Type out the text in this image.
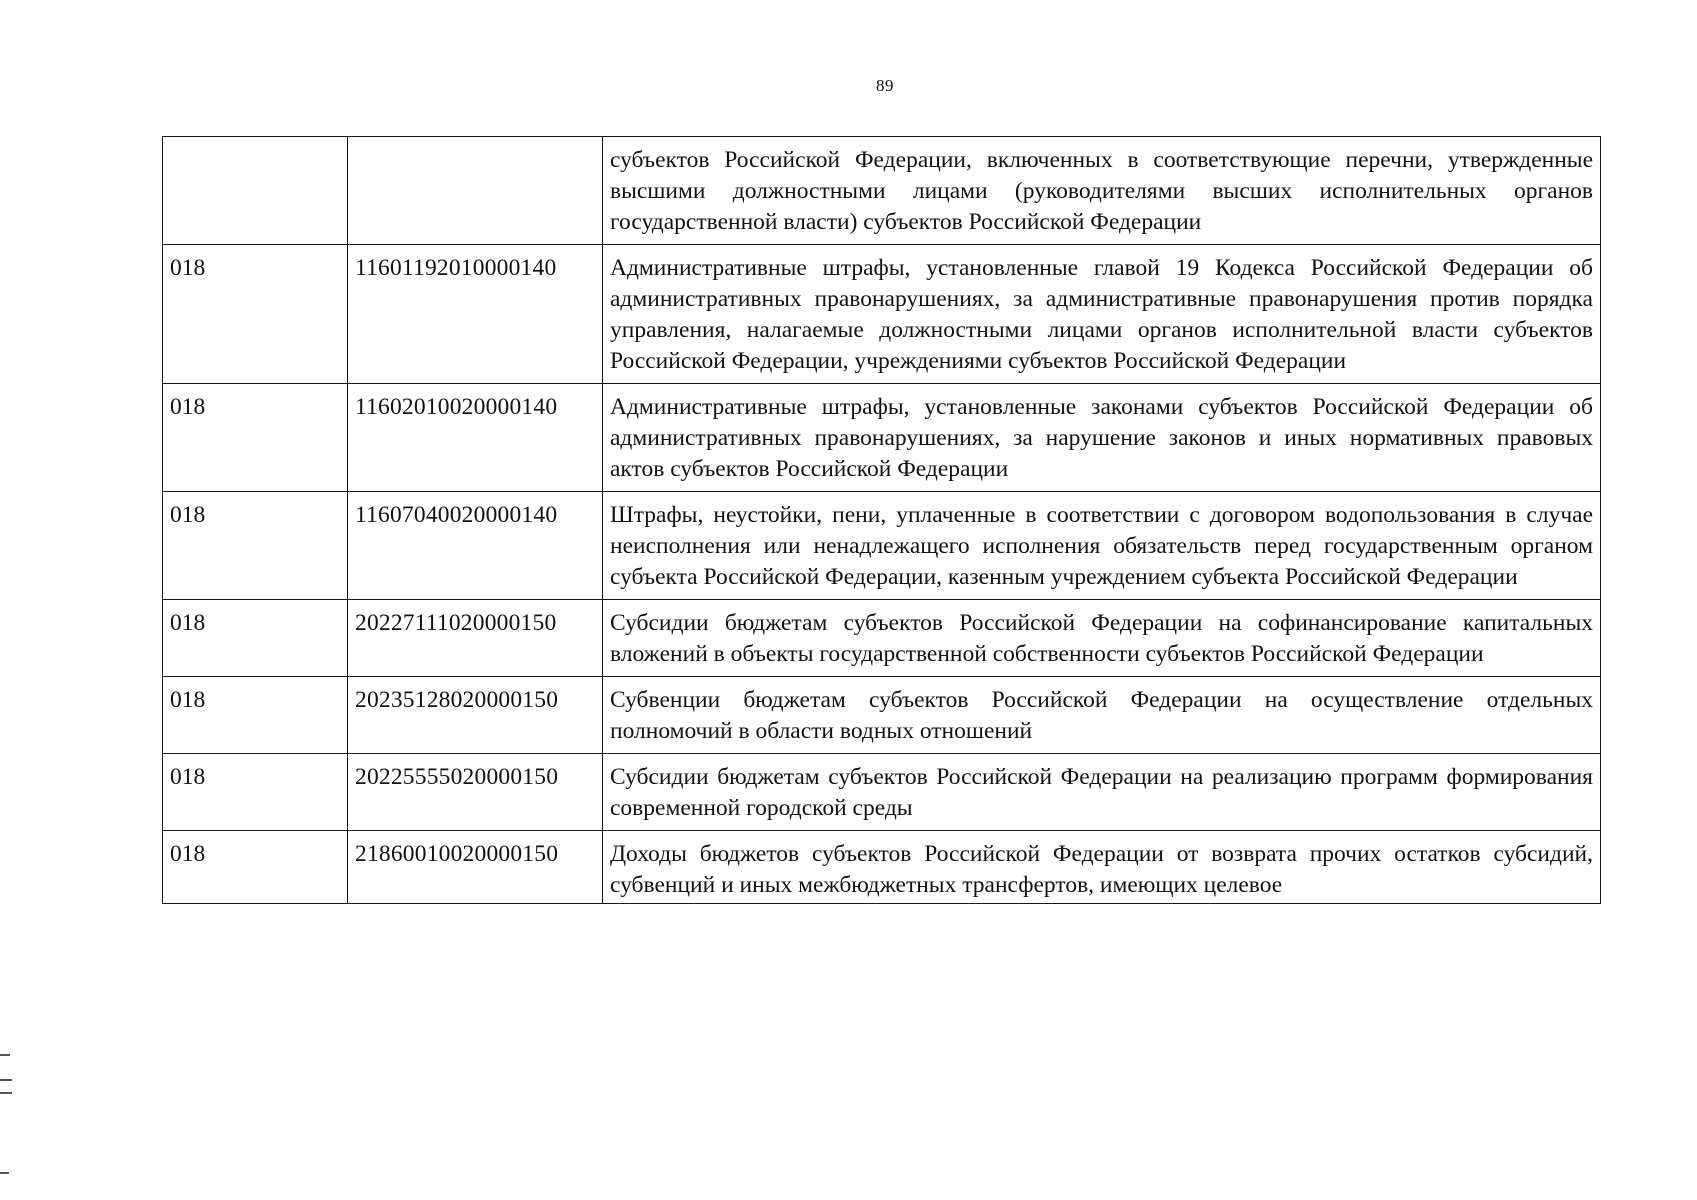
89
		субъектов Российской Федерации, включенных в соответствующие перечни, утвержденные высшими должностными лицами (руководителями высших исполнительных органов государственной власти) субъектов Российской Федерации
018	11601192010000140	Административные штрафы, установленные главой 19 Кодекса Российской Федерации об административных правонарушениях, за административные правонарушения против порядка управления, налагаемые должностными лицами органов исполнительной власти субъектов Российской Федерации, учреждениями субъектов Российской Федерации
018	11602010020000140	Административные штрафы, установленные законами субъектов Российской Федерации об административных правонарушениях, за нарушение законов и иных нормативных правовых актов субъектов Российской Федерации
018	11607040020000140	Штрафы, неустойки, пени, уплаченные в соответствии с договором водопользования в случае неисполнения или ненадлежащего исполнения обязательств перед государственным органом субъекта Российской Федерации, казенным учреждением субъекта Российской Федерации
018	20227111020000150	Субсидии бюджетам субъектов Российской Федерации на софинансирование капитальных вложений в объекты государственной собственности субъектов Российской Федерации
018	20235128020000150	Субвенции бюджетам субъектов Российской Федерации на осуществление отдельных полномочий в области водных отношений
018	20225555020000150	Субсидии бюджетам субъектов Российской Федерации на реализацию программ формирования современной городской среды
018	21860010020000150	Доходы бюджетов субъектов Российской Федерации от возврата прочих остатков субсидий, субвенций и иных межбюджетных трансфертов, имеющих целевое
